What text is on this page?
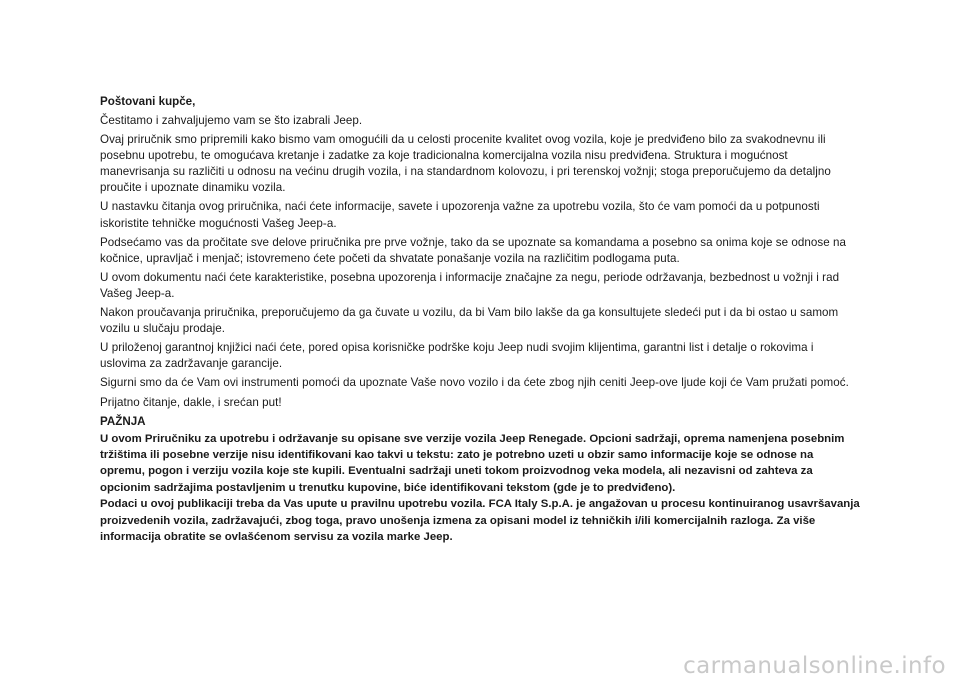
Poštovani kupče,

Čestitamo i zahvaljujemo vam se što izabrali Jeep.

Ovaj priručnik smo pripremili kako bismo vam omogućili da u celosti procenite kvalitet ovog vozila, koje je predviđeno bilo za svakodnevnu ili posebnu upotrebu, te omogućava kretanje i zadatke za koje tradicionalna komercijalna vozila nisu predviđena. Struktura i mogućnost manevrisanja su različiti u odnosu na većinu drugih vozila, i na standardnom kolovozu, i pri terenskoj vožnji; stoga preporučujemo da detaljno proučite i upoznate dinamiku vozila.

U nastavku čitanja ovog priručnika, naći ćete informacije, savete i upozorenja važne za upotrebu vozila, što će vam pomoći da u potpunosti iskoristite tehničke mogućnosti Vašeg Jeep-a.

Podsećamo vas da pročitate sve delove priručnika pre prve vožnje, tako da se upoznate sa komandama a posebno sa onima koje se odnose na kočnice, upravljač i menjač; istovremeno ćete početi da shvatate ponašanje vozila na različitim podlogama puta.

U ovom dokumentu naći ćete karakteristike, posebna upozorenja i informacije značajne za negu, periode održavanja, bezbednost u vožnji i rad Vašeg Jeep-a.

Nakon proučavanja priručnika, preporučujemo da ga čuvate u vozilu, da bi Vam bilo lakše da ga konsultujete sledeći put i da bi ostao u samom vozilu u slučaju prodaje.

U priloženoj garantnoj knjižici naći ćete, pored opisa korisničke podrške koju Jeep nudi svojim klijentima, garantni list i detalje o rokovima i uslovima za zadržavanje garancije.

Sigurni smo da će Vam ovi instrumenti pomoći da upoznate Vaše novo vozilo i da ćete zbog njih ceniti Jeep-ove ljude koji će Vam pružati pomoć.

Prijatno čitanje, dakle, i srećan put!

PAŽNJA

U ovom Priručniku za upotrebu i održavanje su opisane sve verzije vozila Jeep Renegade. Opcioni sadržaji, oprema namenjena posebnim tržištima ili posebne verzije nisu identifikovani kao takvi u tekstu: zato je potrebno uzeti u obzir samo informacije koje se odnose na opremu, pogon i verziju vozila koje ste kupili. Eventualni sadržaji uneti tokom proizvodnog veka modela, ali nezavisni od zahteva za opcionim sadržajima postavljenim u trenutku kupovine, biće identifikovani tekstom (gde je to predviđeno).

Podaci u ovoj publikaciji treba da Vas upute u pravilnu upotrebu vozila. FCA Italy S.p.A. je angažovan u procesu kontinuiranog usavršavanja proizvedenih vozila, zadržavajući, zbog toga, pravo unošenja izmena za opisani model iz tehničkih i/ili komercijalnih razloga. Za više informacija obratite se ovlašćenom servisu za vozila marke Jeep.

carmanualsonline.info
